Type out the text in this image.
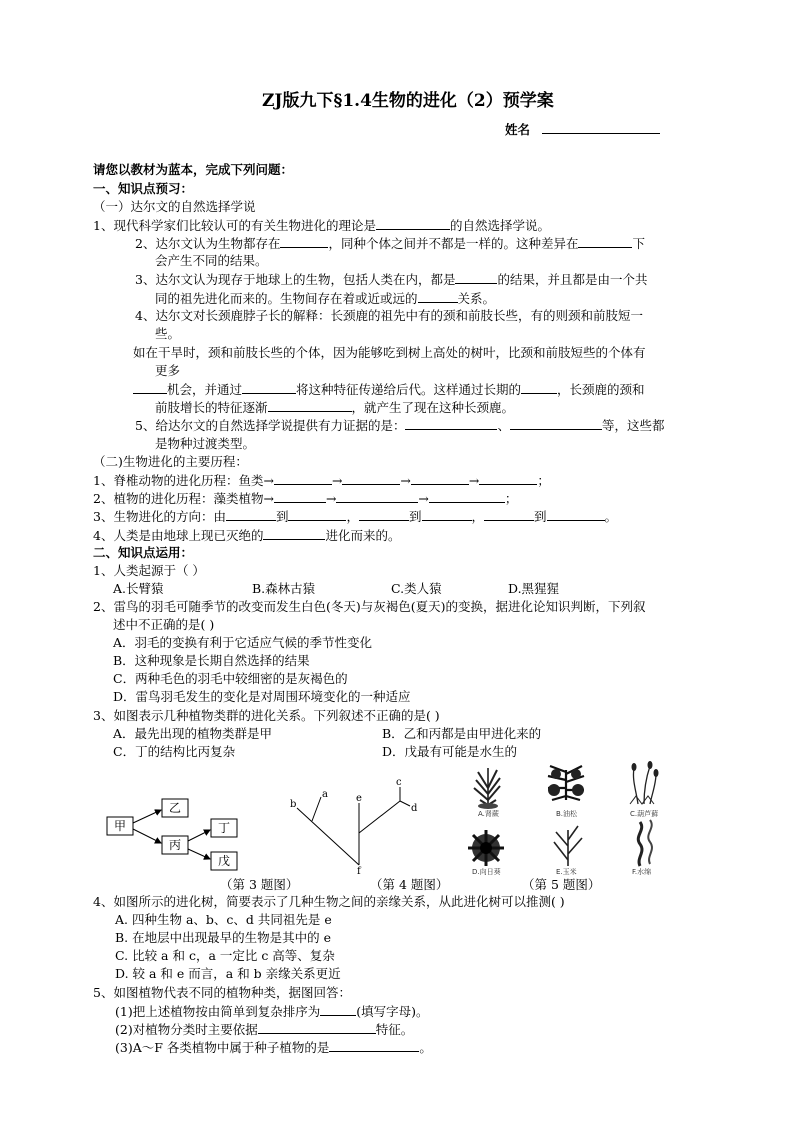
ZJ版九下§1.4生物的进化（2）预学案
姓名
请您以教材为蓝本，完成下列问题：
一、知识点预习：
（一）达尔文的自然选择学说
1、现代科学家们比较认可的有关生物进化的理论是	的自然选择学说。
2、达尔文认为生物都存在	，同种个体之间并不都是一样的。这种差异在	下
会产生不同的结果。
3、达尔文认为现存于地球上的生物，包括人类在内，都是	的结果，并且都是由一个共
同的祖先进化而来的。生物间存在着或近或远的	关系。
4、达尔文对长颈鹿脖子长的解释：长颈鹿的祖先中有的颈和前肢长些，有的则颈和前肢短一
些。
如在干旱时，颈和前肢长些的个体，因为能够吃到树上高处的树叶，比颈和前肢短些的个体有
更多
机会，并通过	将这种特征传递给后代。这样通过长期的	，长颈鹿的颈和
前肢增长的特征逐渐	，就产生了现在这种长颈鹿。
5、给达尔文的自然选择学说提供有力证据的是：	、	等，这些都
是物种过渡类型。
（二)生物进化的主要历程：
1、脊椎动物的进化历程：鱼类→	→	→	→	；
2、植物的进化历程：藻类植物→	→	→	；
3、生物进化的方向：由	到	，	到	，	到	。
4、人类是由地球上现已灭绝的	进化而来的。
二、知识点运用：
1、人类起源于（ ）
A.长臂猿	B.森林古猿	C.类人猿	D.黑猩猩
2、雷鸟的羽毛可随季节的改变而发生白色(冬天)与灰褐色(夏天)的变换，据进化论知识判断，下列叙
述中不正确的是( )
A．羽毛的变换有利于它适应气候的季节性变化
B．这种现象是长期自然选择的结果
C．两种毛色的羽毛中较细密的是灰褐色的
D．雷鸟羽毛发生的变化是对周围环境变化的一种适应
3、如图表示几种植物类群的进化关系。下列叙述不正确的是( )
A．最先出现的植物类群是甲	B．乙和丙都是由甲进化来的
C．丁的结构比丙复杂	D．戊最有可能是水生的
甲
乙
丙
丁
戊
a
b
c
d
e
f
A.肾蕨	B.油松	C.葫芦藓
D.向日葵	E.玉米	F.水绵
（第 3 题图）	（第 4 题图）	（第 5 题图）
4、如图所示的进化树，简要表示了几种生物之间的亲缘关系，从此进化树可以推测( )
A. 四种生物 a、b、c、d 共同祖先是 e
B. 在地层中出现最早的生物是其中的 e
C. 比较 a 和 c，a 一定比 c 高等、复杂
D. 较 a 和 e 而言，a 和 b 亲缘关系更近
5、如图植物代表不同的植物种类，据图回答：
(1)把上述植物按由简单到复杂排序为	(填写字母)。
(2)对植物分类时主要依据	特征。
(3)A～F 各类植物中属于种子植物的是	。
